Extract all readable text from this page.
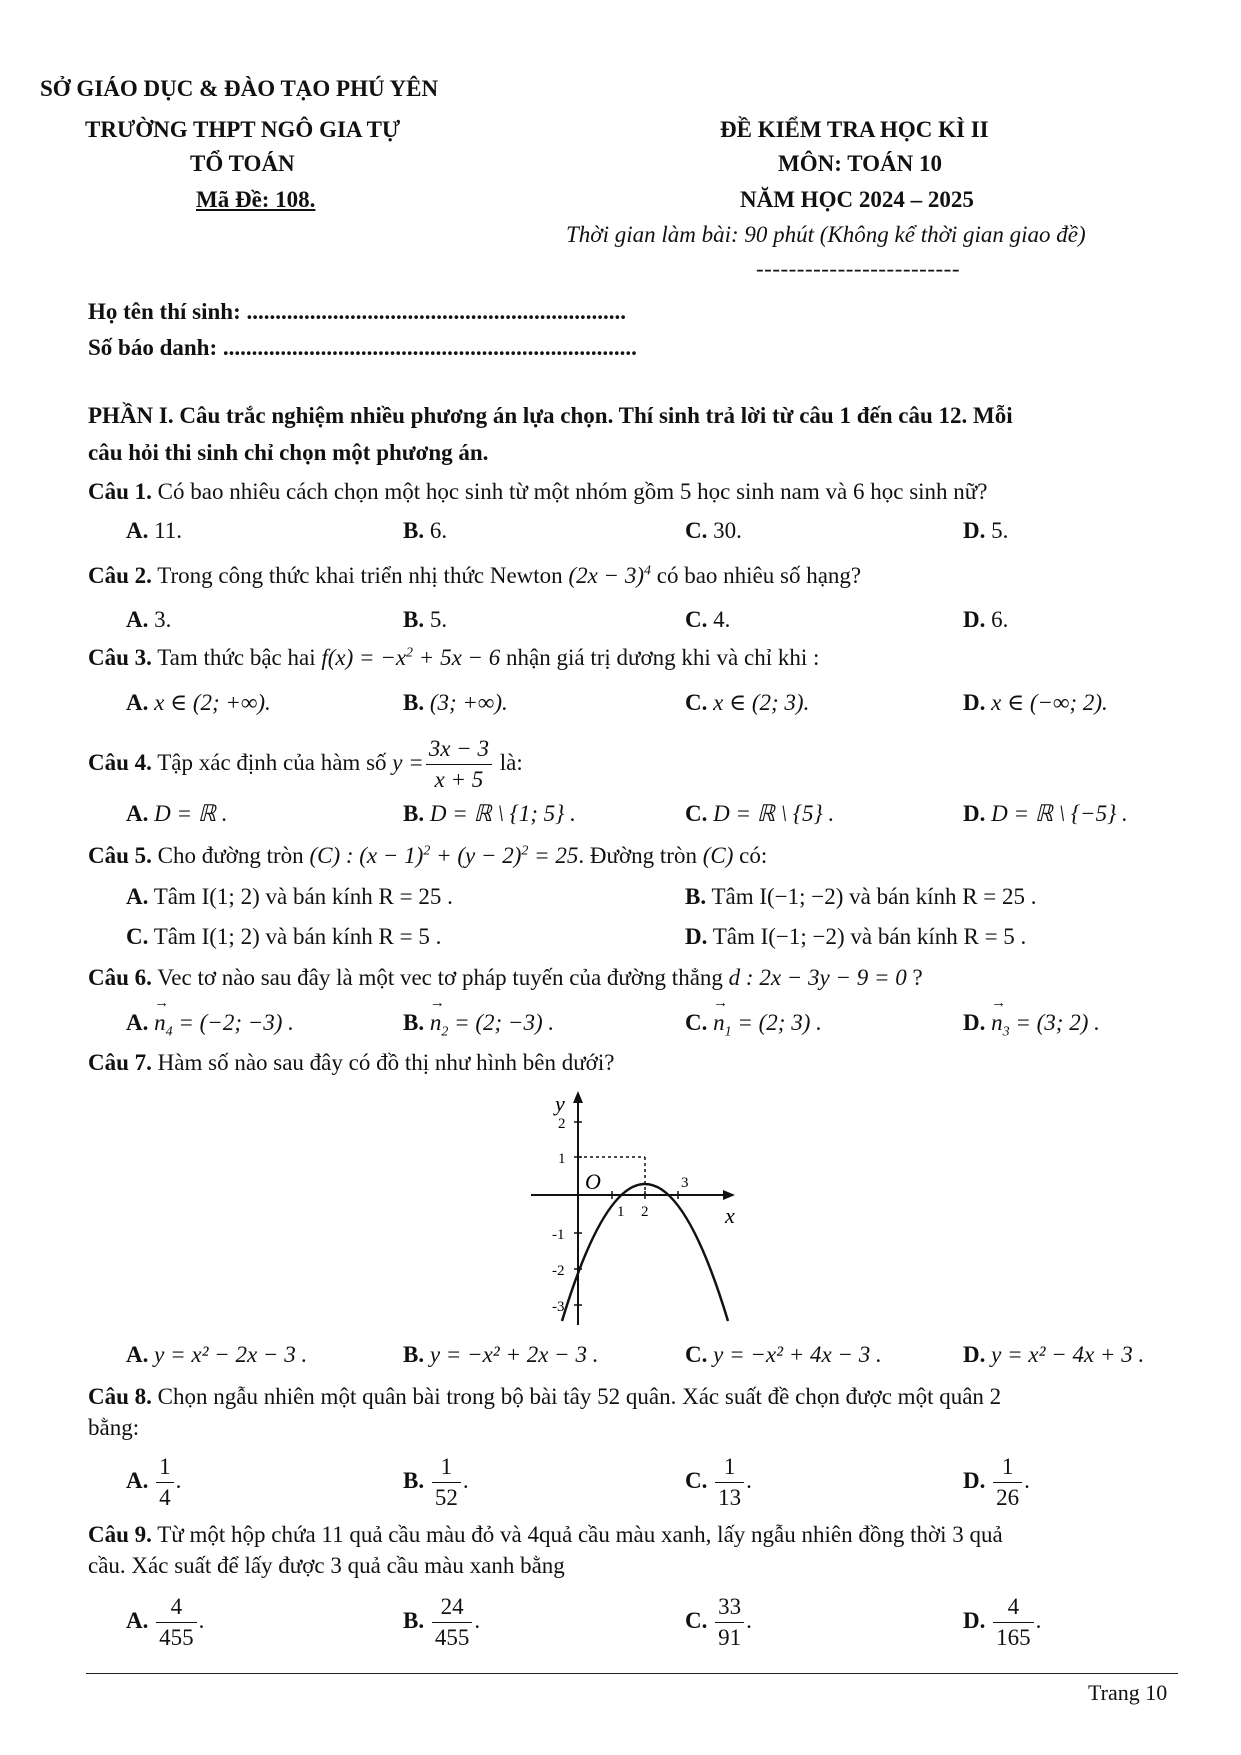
SỞ GIÁO DỤC & ĐÀO TẠO PHÚ YÊN
TRƯỜNG THPT NGÔ GIA TỰ
TỔ TOÁN
Mã Đề: 108.
ĐỀ KIỂM TRA HỌC KÌ II
MÔN: TOÁN 10
NĂM HỌC 2024 – 2025
Thời gian làm bài: 90 phút (Không kể thời gian giao đề)
-------------------------
Họ tên thí sinh: ..................................................................
Số báo danh: ........................................................................
PHẦN I. Câu trắc nghiệm nhiều phương án lựa chọn. Thí sinh trả lời từ câu 1 đến câu 12. Mỗi
câu hỏi thi sinh chỉ chọn một phương án.
Câu 1. Có bao nhiêu cách chọn một học sinh từ một nhóm gồm 5 học sinh nam và 6 học sinh nữ?
A. 11.	B. 6.	C. 30.	D. 5.
Câu 2. Trong công thức khai triển nhị thức Newton $(2x - 3)^4$ có bao nhiêu số hạng?
A. 3.	B. 5.	C. 4.	D. 6.
Câu 3. Tam thức bậc hai $f(x) = -x^2 + 5x - 6$ nhận giá trị dương khi và chỉ khi :
A. x ∈ (2; +∞).	B. (3; +∞).	C. x ∈ (2; 3).	D. x ∈ (−∞; 2).
Câu 4. Tập xác định của hàm số $y = \frac{3x - 3}{x + 5}$ là:
A. D = ℝ .	B. D = ℝ \ {1; 5} .	C. D = ℝ \ {5} .	D. D = ℝ \ {−5} .
Câu 5. Cho đường tròn (C) : $(x - 1)^2 + (y - 2)^2 = 25$. Đường tròn (C) có:
A. Tâm I(1; 2) và bán kính R = 25 .	B. Tâm I(−1; −2) và bán kính R = 25 .
C. Tâm I(1; 2) và bán kính R = 5 .	D. Tâm I(−1; −2) và bán kính R = 5 .
Câu 6. Vec tơ nào sau đây là một vec tơ pháp tuyến của đường thẳng d : 2x − 3y − 9 = 0 ?
A. → $n_4 = (-2$; −3) .	B. → $n_2 = (2$; −3) .	C. → $n_1 = (2$; 3) .	D. → $n_3 = (3$; 2) .
Câu 7. Hàm số nào sau đây có đồ thị như hình bên dưới?
y
x
O
2
1
-1
-2
-3
1 2
3
A. y = x² − 2x − 3 .	B. y = −x² + 2x − 3 .	C. y = −x² + 4x − 3 .	D. y = x² − 4x + 3 .
Câu 8. Chọn ngẫu nhiên một quân bài trong bộ bài tây 52 quân. Xác suất đề chọn được một quân 2
bằng:
A. $\frac{1}{4}$ .	B. $\frac{1}{52}$ .	C. $\frac{1}{13}$ .	D. $\frac{1}{26}$ .
Câu 9. Từ một hộp chứa 11 quả cầu màu đỏ và 4quả cầu màu xanh, lấy ngẫu nhiên đồng thời 3 quả
cầu. Xác suất để lấy được 3 quả cầu màu xanh bằng
A. $\frac{4}{455}$ .	B. $\frac{24}{455}$ .	C. $\frac{33}{91}$ .	D. $\frac{4}{165}$ .
Trang 10
